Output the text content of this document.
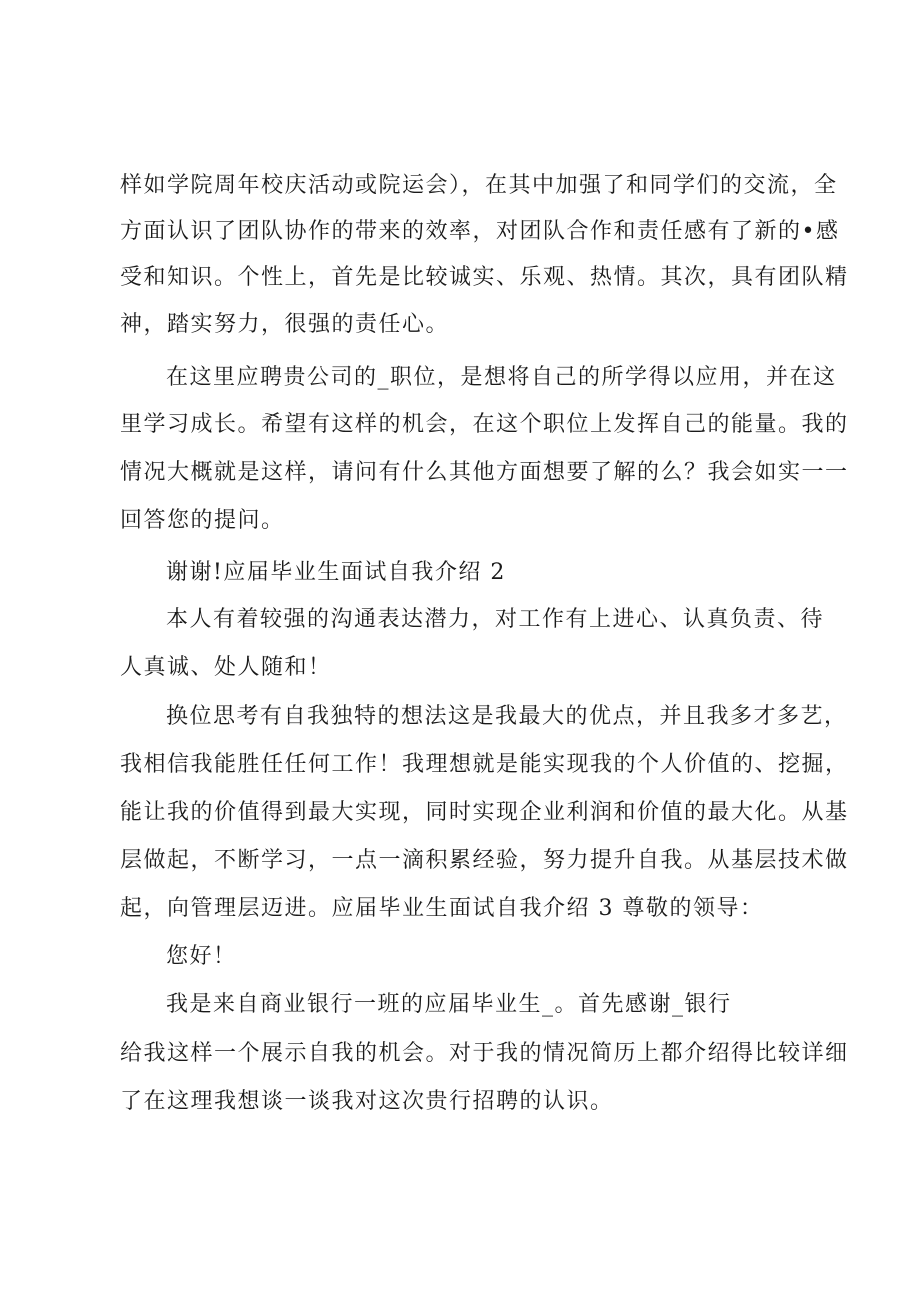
样如学院周年校庆活动或院运会），在其中加强了和同学们的交流，全
方面认识了团队协作的带来的效率，对团队合作和责任感有了新的•感
受和知识。个性上，首先是比较诚实、乐观、热情。其次，具有团队精
神，踏实努力，很强的责任心。
在这里应聘贵公司的_职位，是想将自己的所学得以应用，并在这
里学习成长。希望有这样的机会，在这个职位上发挥自己的能量。我的
情况大概就是这样，请问有什么其他方面想要了解的么？我会如实一一
回答您的提问。
谢谢!应届毕业生面试自我介绍 2
本人有着较强的沟通表达潜力，对工作有上进心、认真负责、待
人真诚、处人随和！
换位思考有自我独特的想法这是我最大的优点，并且我多才多艺，
我相信我能胜任任何工作！我理想就是能实现我的个人价值的、挖掘，
能让我的价值得到最大实现，同时实现企业利润和价值的最大化。从基
层做起，不断学习，一点一滴积累经验，努力提升自我。从基层技术做
起，向管理层迈进。应届毕业生面试自我介绍 3 尊敬的领导：
您好！
我是来自商业银行一班的应届毕业生_。首先感谢_银行
给我这样一个展示自我的机会。对于我的情况简历上都介绍得比较详细
了在这理我想谈一谈我对这次贵行招聘的认识。
